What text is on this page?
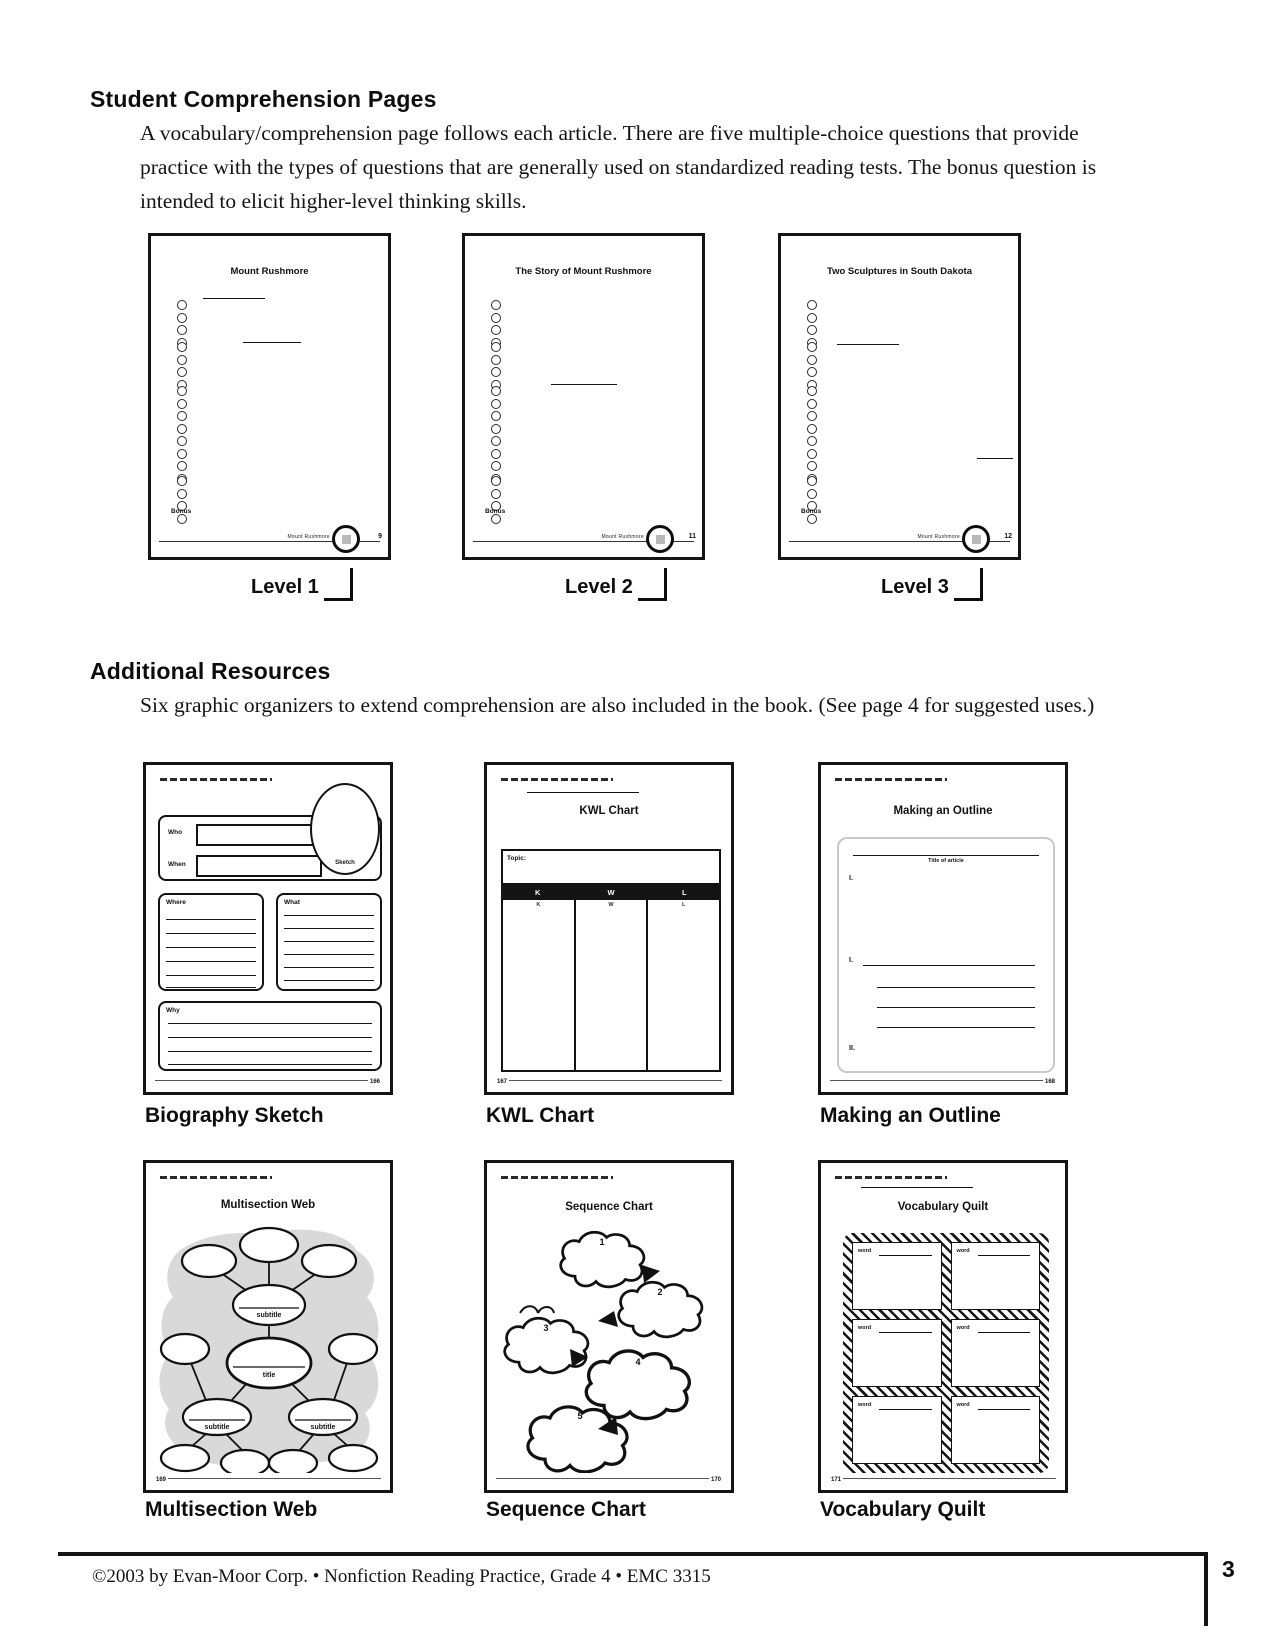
Student Comprehension Pages

A vocabulary/comprehension page follows each article. There are five multiple-choice questions that provide practice with the types of questions that are generally used on standardized reading tests. The bonus question is intended to elicit higher-level thinking skills.

Mount Rushmore
Bonus
Mount Rushmore	9
Level 1
The Story of Mount Rushmore
Bonus
Mount Rushmore	11
Level 2
Two Sculptures in South Dakota
Bonus
Mount Rushmore	12
Level 3
Additional Resources

Six graphic organizers to extend comprehension are also included in the book. (See page 4 for suggested uses.)

Who
When	Sketch
Where	What
Why
166
KWL Chart
Topic:
K	W	L
K	W	L
167
Making an Outline
Title of article
I.
I.
II.
168
Biography Sketch	KWL Chart	Making an Outline
Multisection Web
subtitle
title
subtitle	subtitle
169
Sequence Chart
1
2
3
4
5
170
Vocabulary Quilt
word	word
word	word
word	word
171
Multisection Web	Sequence Chart	Vocabulary Quilt
©2003 by Evan-Moor Corp. • Nonfiction Reading Practice, Grade 4 • EMC 3315	3
